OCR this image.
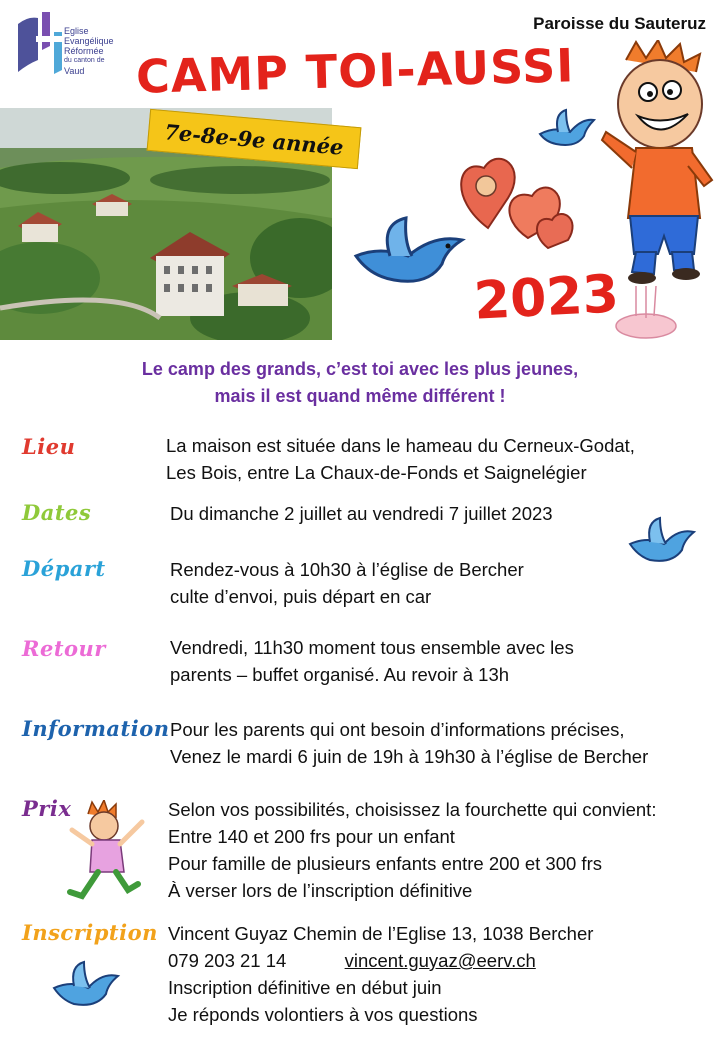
Eglise
Evangélique
Réformée
du canton de
Vaud
Paroisse du Sauteruz
CAMP TOI-AUSSI
7e-8e-9e année
2023
Le camp des grands, c’est toi avec les plus jeunes,
mais il est quand même différent !
Lieu	La maison est située dans le hameau du Cerneux-Godat,
Les Bois, entre La Chaux-de-Fonds et Saignelégier
Dates	Du dimanche 2 juillet au vendredi 7 juillet 2023
Départ	Rendez-vous à 10h30 à l’église de Bercher
culte d’envoi, puis départ en car
Retour	Vendredi, 11h30 moment tous ensemble avec les
parents – buffet organisé. Au revoir à 13h
Information Pour les parents qui ont besoin d’informations précises,
Venez le mardi 6 juin de 19h à 19h30 à l’église de Bercher
Prix	Selon vos possibilités, choisissez la fourchette qui convient:
Entre 140 et 200 frs pour un enfant
Pour famille de plusieurs enfants entre 200 et 300 frs
À verser lors de l’inscription définitive
Inscription Vincent Guyaz Chemin de l’Eglise 13, 1038 Bercher
079 203 21 14	vincent.guyaz@eerv.ch
Inscription définitive en début juin
Je réponds volontiers à vos questions
